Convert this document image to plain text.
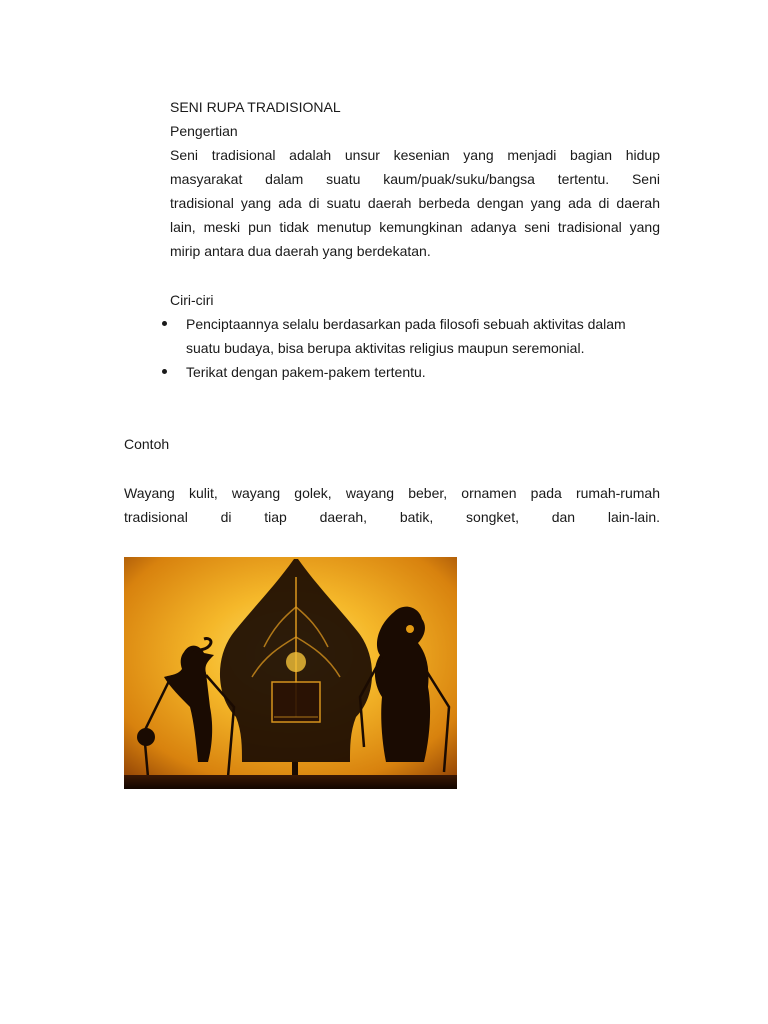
SENI RUPA TRADISIONAL
Pengertian
Seni tradisional adalah unsur kesenian yang menjadi bagian hidup
masyarakat dalam suatu kaum/puak/suku/bangsa tertentu. Seni
tradisional yang ada di suatu daerah berbeda dengan yang ada di daerah
lain, meski pun tidak menutup kemungkinan adanya seni tradisional yang
mirip antara dua daerah yang berdekatan.
Ciri-ciri
Penciptaannya selalu berdasarkan pada filosofi sebuah aktivitas dalam
suatu budaya, bisa berupa aktivitas religius maupun seremonial.
Terikat dengan pakem-pakem tertentu.
Contoh
Wayang kulit, wayang golek, wayang beber, ornamen pada rumah-rumah
tradisional di tiap daerah, batik, songket, dan lain-lain.
